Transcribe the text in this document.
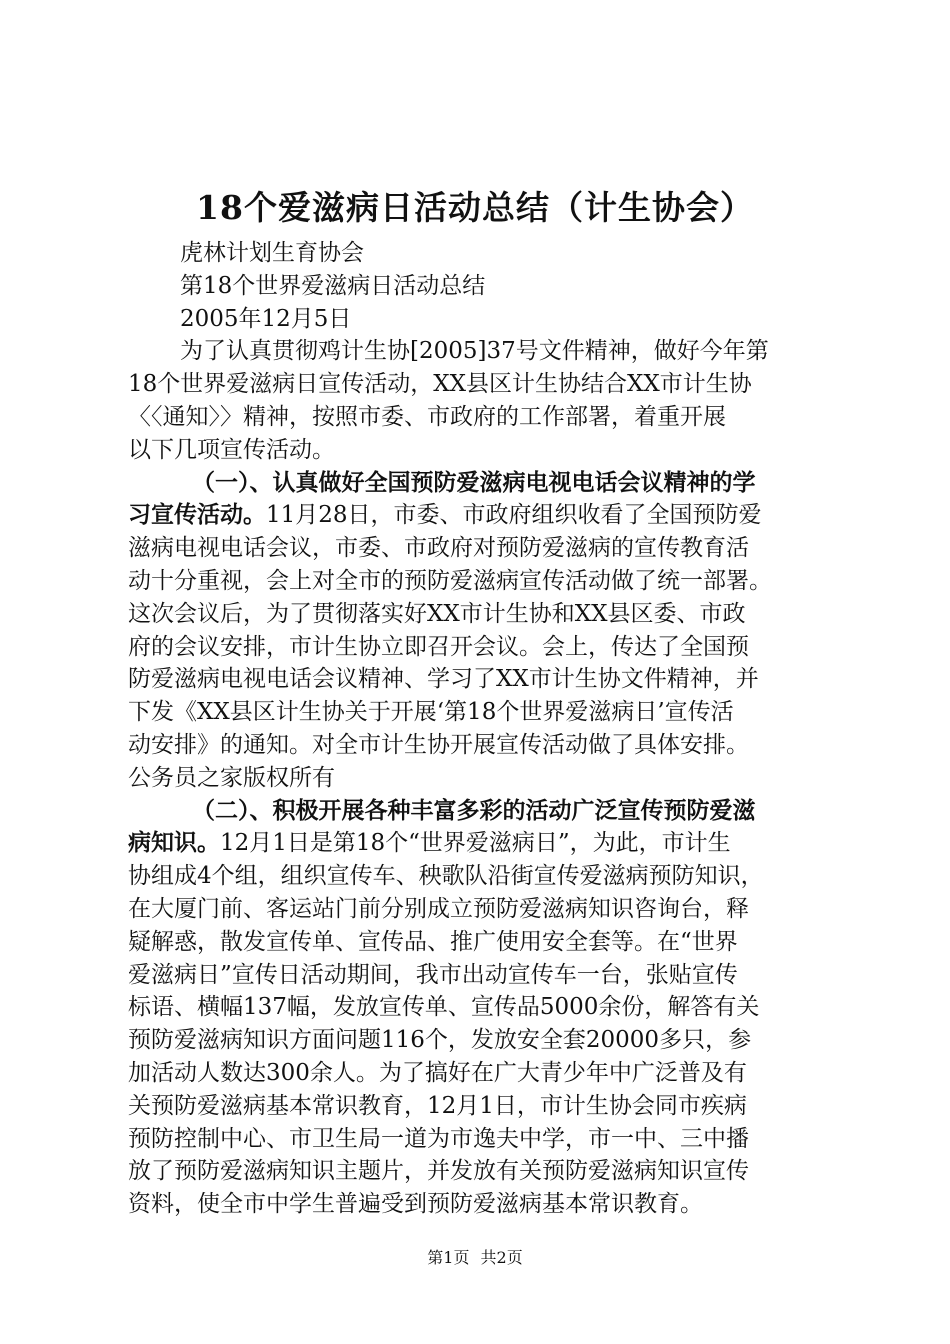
18个爱滋病日活动总结（计生协会）
虎林计划生育协会
第18个世界爱滋病日活动总结
2005年12月5日
为了认真贯彻鸡计生协[2005]37号文件精神，做好今年第
18个世界爱滋病日宣传活动，XX县区计生协结合XX市计生协
〈〈通知〉〉精神，按照市委、市政府的工作部署，着重开展
以下几项宣传活动。
（一）、认真做好全国预防爱滋病电视电话会议精神的学
习宣传活动。11月28日，市委、市政府组织收看了全国预防爱
滋病电视电话会议，市委、市政府对预防爱滋病的宣传教育活
动十分重视，会上对全市的预防爱滋病宣传活动做了统一部署。
这次会议后，为了贯彻落实好XX市计生协和XX县区委、市政
府的会议安排，市计生协立即召开会议。会上，传达了全国预
防爱滋病电视电话会议精神、学习了XX市计生协文件精神，并
下发《XX县区计生协关于开展‘第18个世界爱滋病日’宣传活
动安排》的通知。对全市计生协开展宣传活动做了具体安排。
公务员之家版权所有
（二）、积极开展各种丰富多彩的活动广泛宣传预防爱滋
病知识。12月1日是第18个“世界爱滋病日”，为此，市计生
协组成4个组，组织宣传车、秧歌队沿街宣传爱滋病预防知识，
在大厦门前、客运站门前分别成立预防爱滋病知识咨询台，释
疑解惑，散发宣传单、宣传品、推广使用安全套等。在“世界
爱滋病日”宣传日活动期间，我市出动宣传车一台，张贴宣传
标语、横幅137幅，发放宣传单、宣传品5000余份，解答有关
预防爱滋病知识方面问题116个，发放安全套20000多只，参
加活动人数达300余人。为了搞好在广大青少年中广泛普及有
关预防爱滋病基本常识教育，12月1日，市计生协会同市疾病
预防控制中心、市卫生局一道为市逸夫中学，市一中、三中播
放了预防爱滋病知识主题片，并发放有关预防爱滋病知识宣传
资料，使全市中学生普遍受到预防爱滋病基本常识教育。
第1页 共2页
